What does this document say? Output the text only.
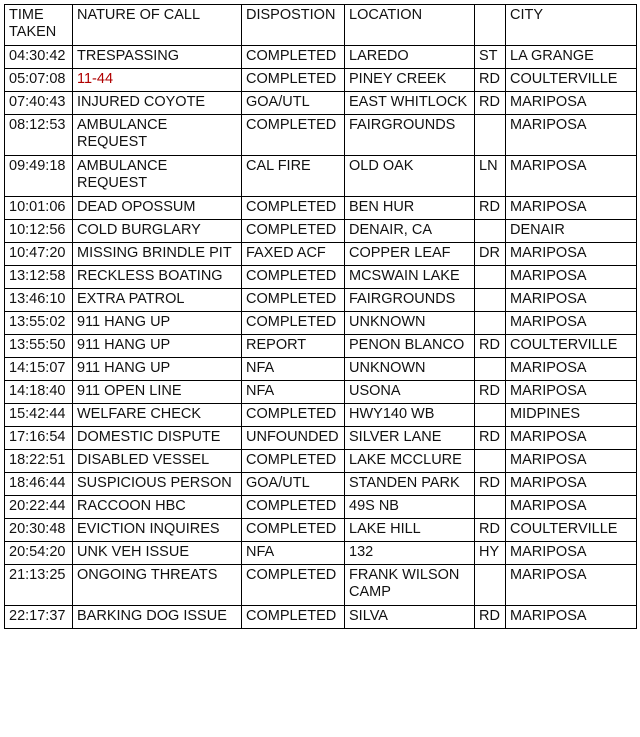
TIME TAKEN	NATURE OF CALL	DISPOSTION	LOCATION		CITY
04:30:42	TRESPASSING	COMPLETED	LAREDO	ST	LA GRANGE
05:07:08	11-44	COMPLETED	PINEY CREEK	RD	COULTERVILLE
07:40:43	INJURED COYOTE	GOA/UTL	EAST WHITLOCK	RD	MARIPOSA
08:12:53	AMBULANCE REQUEST	COMPLETED	FAIRGROUNDS		MARIPOSA
09:49:18	AMBULANCE REQUEST	CAL FIRE	OLD OAK	LN	MARIPOSA
10:01:06	DEAD OPOSSUM	COMPLETED	BEN HUR	RD	MARIPOSA
10:12:56	COLD BURGLARY	COMPLETED	DENAIR, CA		DENAIR
10:47:20	MISSING BRINDLE PIT	FAXED ACF	COPPER LEAF	DR	MARIPOSA
13:12:58	RECKLESS BOATING	COMPLETED	MCSWAIN LAKE		MARIPOSA
13:46:10	EXTRA PATROL	COMPLETED	FAIRGROUNDS		MARIPOSA
13:55:02	911 HANG UP	COMPLETED	UNKNOWN		MARIPOSA
13:55:50	911 HANG UP	REPORT	PENON BLANCO	RD	COULTERVILLE
14:15:07	911 HANG UP	NFA	UNKNOWN		MARIPOSA
14:18:40	911 OPEN LINE	NFA	USONA	RD	MARIPOSA
15:42:44	WELFARE CHECK	COMPLETED	HWY140 WB		MIDPINES
17:16:54	DOMESTIC DISPUTE	UNFOUNDED	SILVER LANE	RD	MARIPOSA
18:22:51	DISABLED VESSEL	COMPLETED	LAKE MCCLURE		MARIPOSA
18:46:44	SUSPICIOUS PERSON	GOA/UTL	STANDEN PARK	RD	MARIPOSA
20:22:44	RACCOON HBC	COMPLETED	49S NB		MARIPOSA
20:30:48	EVICTION INQUIRES	COMPLETED	LAKE HILL	RD	COULTERVILLE
20:54:20	UNK VEH ISSUE	NFA	132	HY	MARIPOSA
21:13:25	ONGOING THREATS	COMPLETED	FRANK WILSON CAMP		MARIPOSA
22:17:37	BARKING DOG ISSUE	COMPLETED	SILVA	RD	MARIPOSA
